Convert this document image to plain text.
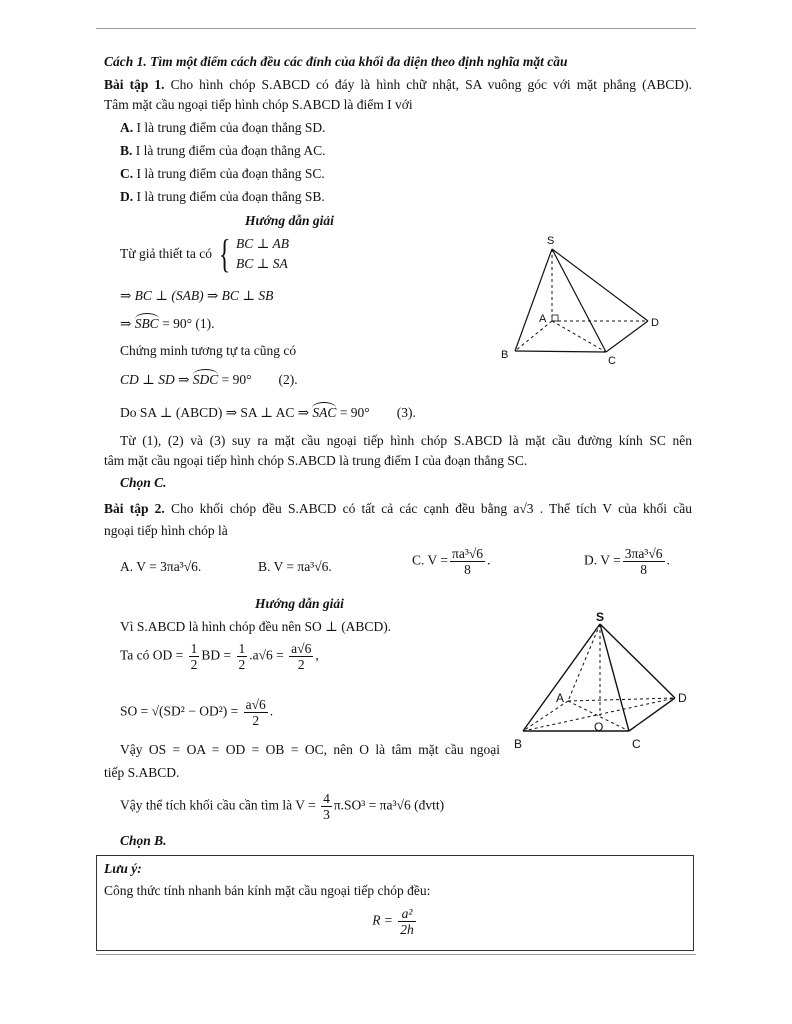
Cách 1. Tìm một điểm cách đều các đỉnh của khối đa diện theo định nghĩa mặt cầu
Bài tập 1. Cho hình chóp S.ABCD có đáy là hình chữ nhật, SA vuông góc với mặt phẳng (ABCD).
Tâm mặt cầu ngoại tiếp hình chóp S.ABCD là điểm I với
A. I là trung điểm của đoạn thẳng SD.
B. I là trung điểm của đoạn thẳng AC.
C. I là trung điểm của đoạn thẳng SC.
D. I là trung điểm của đoạn thẳng SB.
Hướng dẫn giải
Từ giả thiết ta có { BC ⊥ AB
BC ⊥ SA
⇒ BC ⊥ (SAB) ⇒ BC ⊥ SB
⇒ SBC = 90° (1).
Chứng minh tương tự ta cũng có
CD ⊥ SD ⇒ SDC = 90°        (2).
Do SA ⊥ (ABCD) ⇒ SA ⊥ AC ⇒ SAC = 90°        (3).
Từ (1), (2) và (3) suy ra mặt cầu ngoại tiếp hình chóp S.ABCD là mặt cầu đường kính SC nên
tâm mặt cầu ngoại tiếp hình chóp S.ABCD là trung điểm I của đoạn thẳng SC.
Chọn C.
S
A
B	C
D
Bài tập 2. Cho khối chóp đều S.ABCD có tất cả các cạnh đều bằng a√3 . Thể tích V của khối cầu
ngoại tiếp hình chóp là
A. V = 3πa³√6.	B. V = πa³√6.	C. $V = \frac{\text{πa³√6}}{8}$ .	D. $V = \frac{\text{3πa³√6}}{8}$ .
Hướng dẫn giải
Vì S.ABCD là hình chóp đều nên SO ⊥ (ABCD).
Ta có OD = $\frac{1}{2}$ BD = $\frac{1}{2} .a√6 = \frac{a√6}{2}$ ,
SO = $√(SD^2 - OD^2) = \frac{a√6}{2}$ .
Vậy OS = OA = OD = OB = OC, nên O là tâm mặt cầu ngoại
tiếp S.ABCD.
Vậy thể tích khối cầu cần tìm là $V = \frac{4}{3} \pi.SO^3 = \pi a^3√6$ (đvtt)
Chọn B.
S
A
B	C
D
O
Lưu ý:
Công thức tính nhanh bán kính mặt cầu ngoại tiếp chóp đều:
$R = \frac{\text{a²}}{2h}$
